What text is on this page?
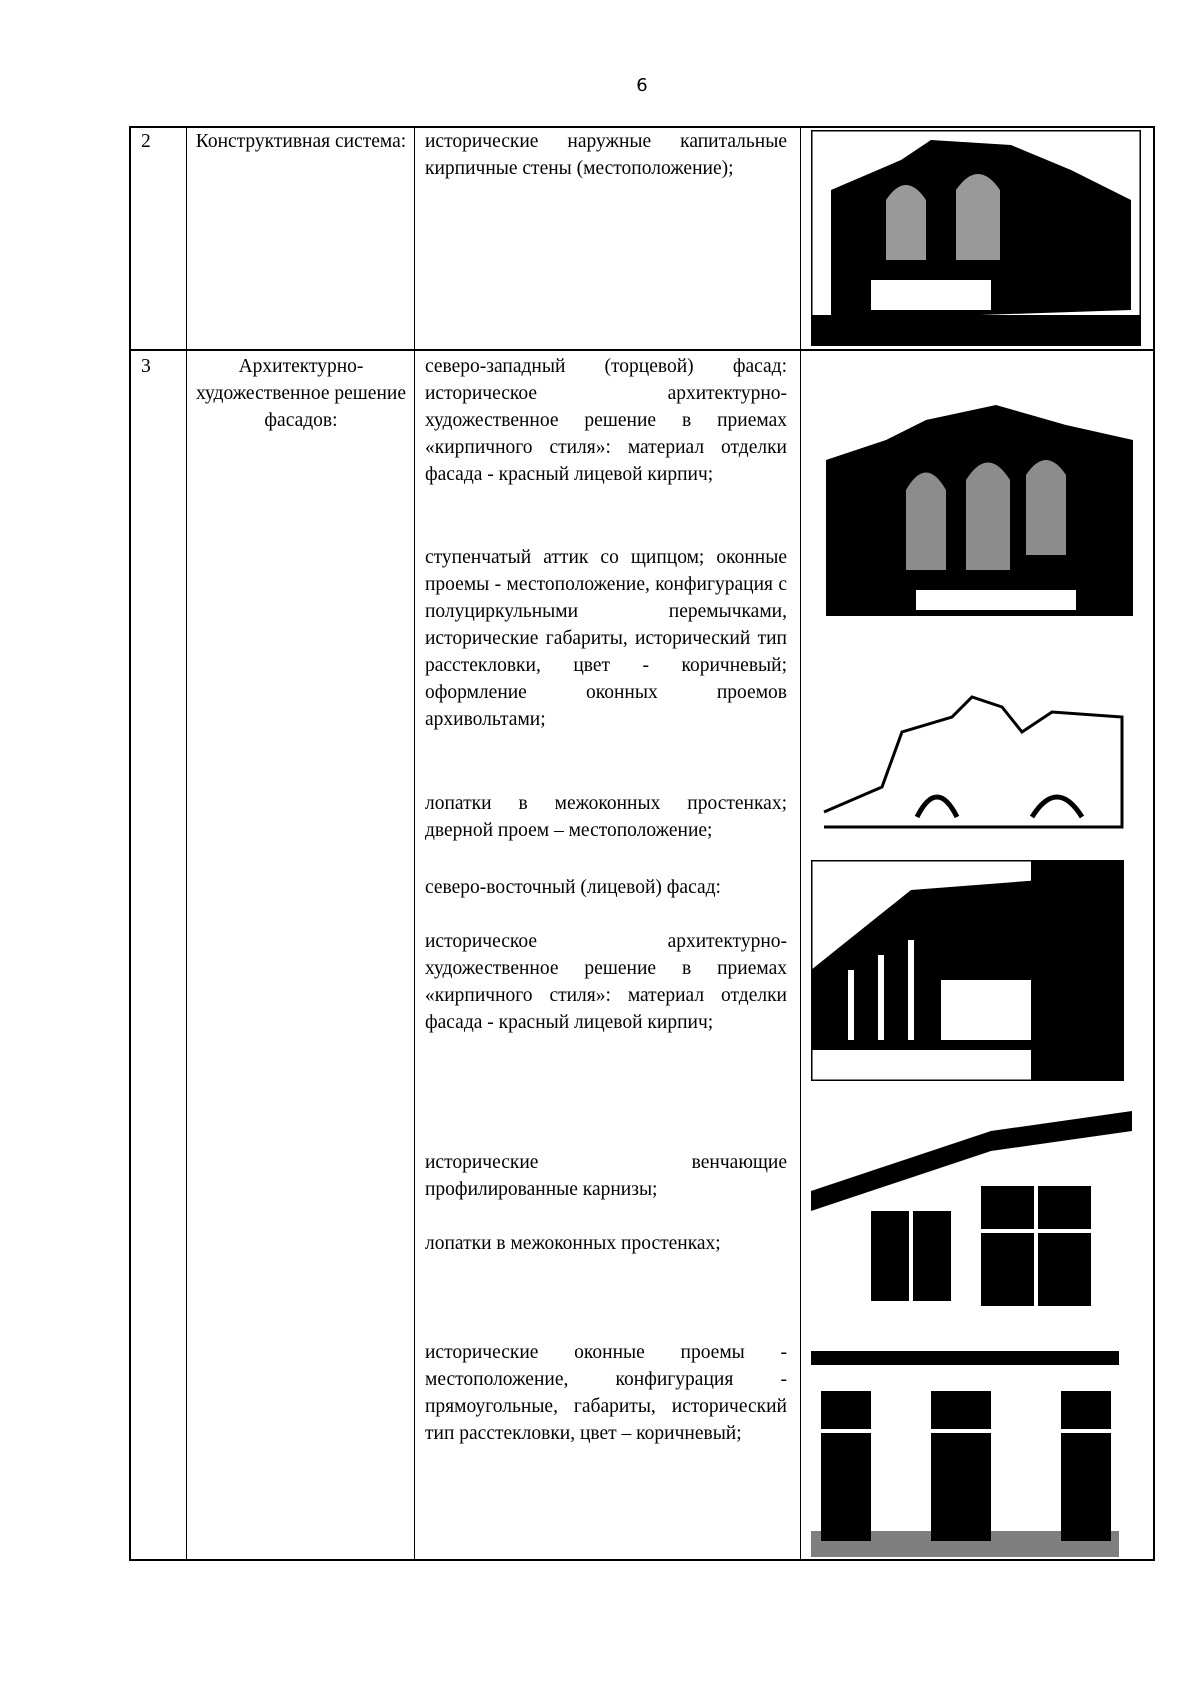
6
2 Конструктивная система: исторические наружные капитальные кирпичные стены (местоположение);

3	Архитектурно-художественное решение фасадов:
северо-западный (торцевой) фасад: историческое архитектурно-художественное решение в приемах «кирпичного стиля»: материал отделки фасада - красный лицевой кирпич;
ступенчатый аттик со щипцом; оконные проемы - местоположение, конфигурация с полуциркульными перемычками, исторические габариты, исторический тип расстекловки, цвет - коричневый; оформление оконных проемов архивольтами;
лопатки в межоконных простенках; дверной проем – местоположение;
северо-восточный (лицевой) фасад:
историческое архитектурно-художественное решение в приемах «кирпичного стиля»: материал отделки фасада - красный лицевой кирпич;
исторические венчающие профилированные карнизы;
лопатки в межоконных простенках;
исторические оконные проемы - местоположение, конфигурация - прямоугольные, габариты, исторический тип расстекловки, цвет – коричневый;
